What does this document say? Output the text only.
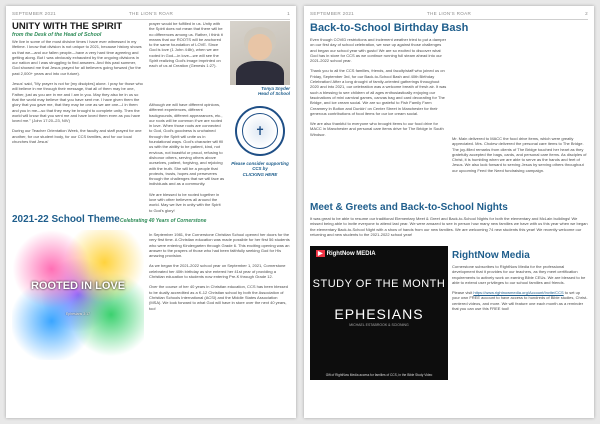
SEPTEMBER 2021	THE LION'S ROAR	1
UNITY WITH THE SPIRIT
from the Desk of the Head of School

We live in some of the most divisive times I have ever witnessed in my lifetime. I know that division is not unique to 2021, because history shows us that we—and our fallen people—have a very hard time agreeing and getting along. But I was obviously exhausted by the ongoing divisions in our nation and I was struggling to find answers. And this past summer, God showed me that Jesus prayed for all believers going forward (for the past 2,000+ years and into our future).

Jesus' said, "My prayer is not for [my disciples] alone. I pray for those who will believe in me through their message, that all of them may be one, Father, just as you are in me and I am in you. May they also be in us so that the world may believe that you have sent me. I have given them the glory that you gave me, that they may be one as we are one—I in them and you in me—so that they may be brought to complete unity. Then the world will know that you sent me and have loved them even as you have loved me." (John 17:20–23, NIV)

During our Teacher Orientation Week, the faculty and staff prayed for one another, for our student body, for our CCS families, and for our local churches that Jesus'

prayer would be fulfilled in us. Unity with the Spirit does not mean that there will be no differences among us. Rather, I think it means that our ROOTS will be anchored to the same foundation of LOVE. Since God is love (1 John 4:8b), when we are rooted in God—in love—we will see the Spirit realizing God's image imprinted on each of us at Creation (Genesis 1:27).

Although we will have different opinions, different experiences, different backgrounds, different appearances, etc., our roots will be common if we are rooted in love. When those roots are connected to God, God's goodness is unchained through the Spirit will unite us in foundational ways. God's character will fill us with the ability to be patient, kind, not envious, not boastful or proud, refusing to dishonor others, serving others above ourselves, patient, forgiving, and rejoicing with the truth. She will be a people that protects, trusts, hopes and perseveres through the challenges that we will face as individuals and as a community.

We are blessed to be rooted together in love with other believers all around the world. May we live in unity with the Spirit to God's glory!

Tonya Snyder
Head of School
✝
Please consider supporting CCS by
CLICKING HERE
2021-22 School Theme Celebrating 40 Years of Cornerstone
ROOTED IN LOVE
Ephesians 3:17

In September 1981, the Cornerstone Christian School opened her doors for the very first time. A Christian education was made possible for her first 56 students who were entering Kindergarten through Grade 6. This exciting opening was an answer to the prayers of those who had been faithfully seeking God for His amazing provision.

As we began the 2021-2022 school year on September 1, 2021, Cornerstone celebrated her 40th birthday as she entered her 41st year of providing a Christian education to students now entering Pre-K through Grade 12.

Over the course of her 40 years in Christian education, CCS has been blessed to be dually accredited as a K-12 Christian school by both the Association of Christian Schools International (ACSI) and the Middle States Association (MSA). We look forward to what God will have in store over the next 40 years, too!

SEPTEMBER 2021	THE LION'S ROAR	2
Back-to-School Birthday Bash

Even though COVID restrictions and inclement weather tried to put a damper on our first day of school celebration, we rose up against those challenges and began our school year with gusto! We are so excited to discover what God has in store for CCS as we continue running full steam ahead into our 2021-2022 school year.

Thank you to all the CCS families, friends, and faculty/staff who joined us on Friday, September 3rd, for our Back-to-School Bash and 40th Birthday Celebration! After a long drought of family-oriented gatherings throughout 2020 and into 2021, our celebration was a welcome breath of fresh air. It was such a blessing to see children of all ages enthusiastically enjoying our fascinations of mini carnival games, canvas bag and card decorating for The Bridge, and ice cream social. We are so grateful to Fish Family Farm Creamery in Bolton and Dunkin' on Center Street in Manchester for their generous contributions of food items for our ice cream social.

We are also thankful to everyone who brought items to our food drive for MACC in Manchester and personal care items drive for The Bridge in South Windsor.

Mr. Main delivered to MACC the food drive items, which were greatly appreciated. Mrs. Cholew delivered the personal care items to The Bridge. The joy-filled remarks from clients of The Bridge touched her heart as they gratefully accepted the bags, cards, and personal care items. As disciples of Christ, it is humbling when we are able to serve as the hands and feet of Jesus. We also look forward to serving Jesus by serving others throughout our upcoming Feed the Need fundraising campaign.

Meet & Greets and Back-to-School Nights

It was great to be able to resume our traditional Elementary Meet & Greet and Back-to-School Nights for both the elementary and McLain buildings! We missed being able to invite everyone to attend last year. We were amazed to see in person how many new families we have with us this year when we began the elementary Back-to-School Night with a show of hands from our new families. We are welcoming 74 new students this year! We recently welcome our returning and new students to the 2021-2022 school year!

▶ RightNow MEDIA
STUDY OF THE MONTH
EPHESIANS
MICHAEL ESTABROOK & SCIONING
Gift of RightNow Media access for families of CCS, in the Bible Study Video
RightNow Media

Cornerstone subscribes to RightNow Media for the professional development that it provides for our teachers, as they meet certification requirements to actively work on earning Bible CEUs. We are blessed to be able to extend user privileges to our school families and friends.

Please visit https://www.rightnowmedia.org/Account/Invite/CCS to set up your own FREE account to have access to hundreds of Bible studies, Christ-centered videos, and more. We will feature one each month as a reminder that you can use this FREE tool!
